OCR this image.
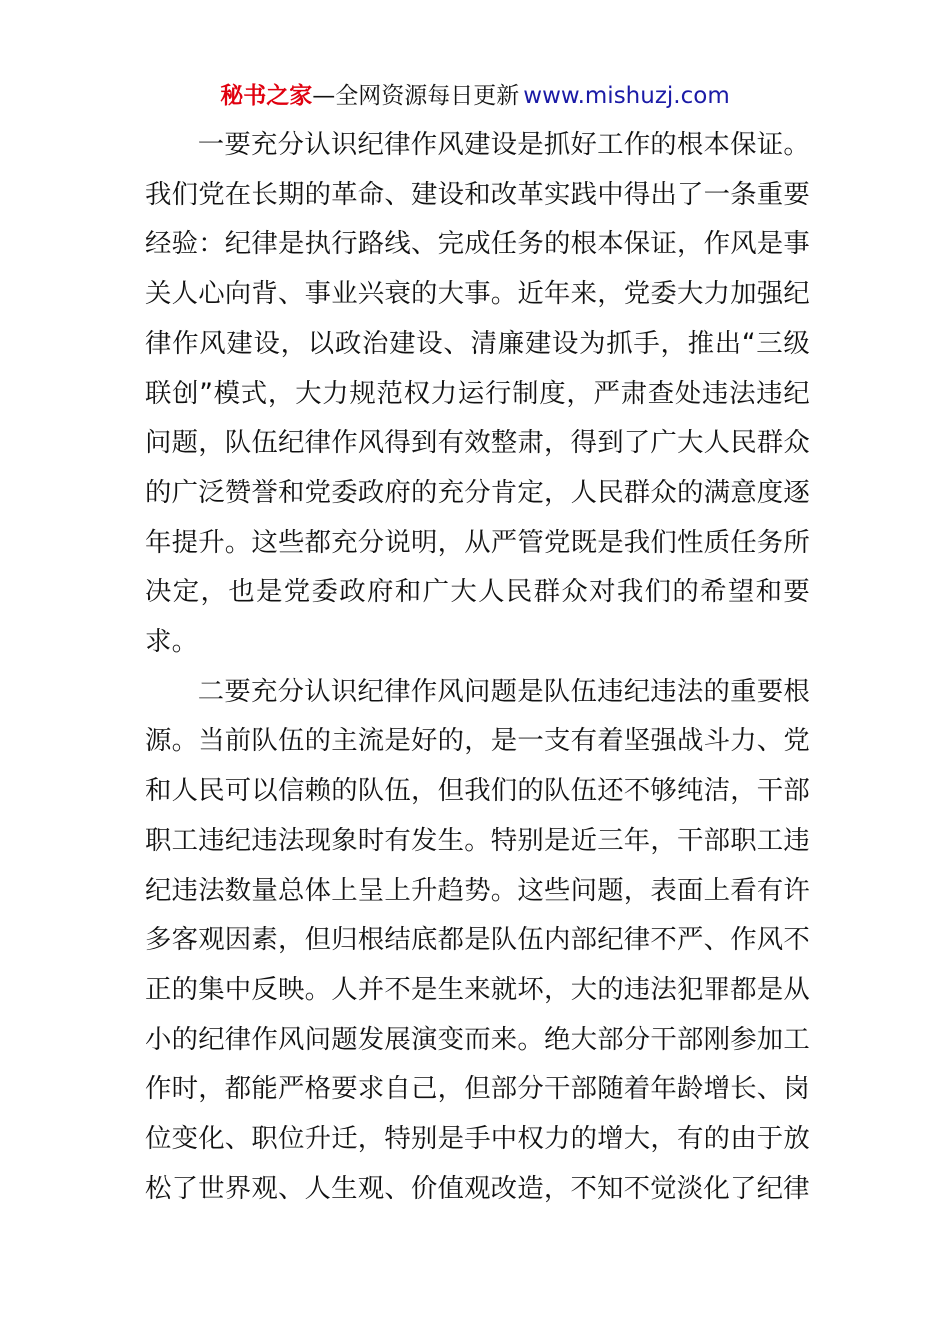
秘书之家—全网资源每日更新 www.mishuzj.com

一要充分认识纪律作风建设是抓好工作的根本保证。我们党在长期的革命、建设和改革实践中得出了一条重要经验：纪律是执行路线、完成任务的根本保证，作风是事关人心向背、事业兴衰的大事。近年来，党委大力加强纪律作风建设，以政治建设、清廉建设为抓手，推出“三级联创”模式，大力规范权力运行制度，严肃查处违法违纪问题，队伍纪律作风得到有效整肃，得到了广大人民群众的广泛赞誉和党委政府的充分肯定，人民群众的满意度逐年提升。这些都充分说明，从严管党既是我们性质任务所决定，也是党委政府和广大人民群众对我们的希望和要求。

二要充分认识纪律作风问题是队伍违纪违法的重要根源。当前队伍的主流是好的，是一支有着坚强战斗力、党和人民可以信赖的队伍，但我们的队伍还不够纯洁，干部职工违纪违法现象时有发生。特别是近三年，干部职工违纪违法数量总体上呈上升趋势。这些问题，表面上看有许多客观因素，但归根结底都是队伍内部纪律不严、作风不正的集中反映。人并不是生来就坏，大的违法犯罪都是从小的纪律作风问题发展演变而来。绝大部分干部刚参加工作时，都能严格要求自己，但部分干部随着年龄增长、岗位变化、职位升迁，特别是手中权力的增大，有的由于放松了世界观、人生观、价值观改造，不知不觉淡化了纪律
